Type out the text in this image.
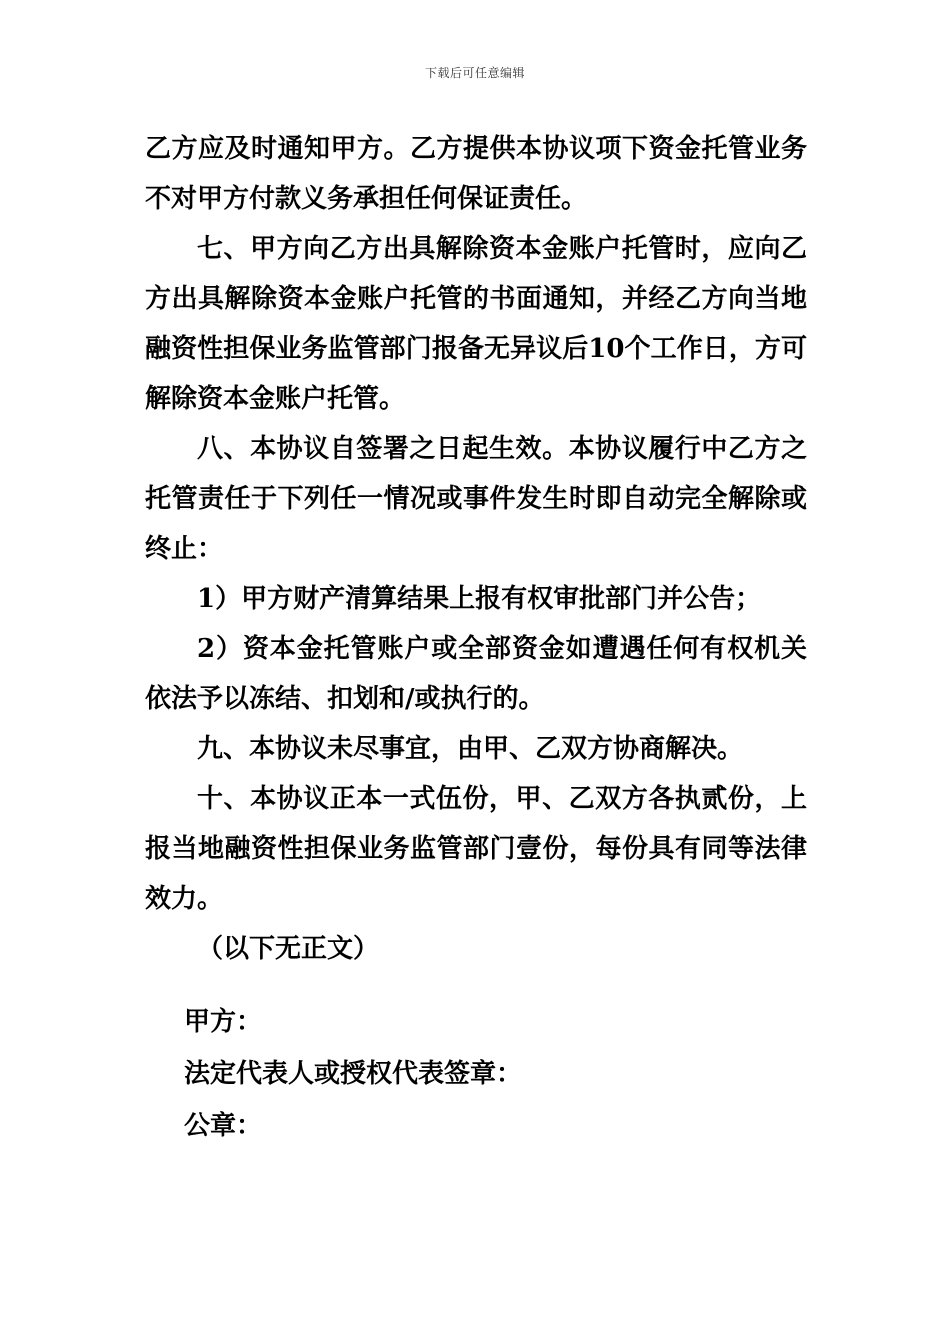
下载后可任意编辑

乙方应及时通知甲方。乙方提供本协议项下资金托管业务不对甲方付款义务承担任何保证责任。

七、甲方向乙方出具解除资本金账户托管时，应向乙方出具解除资本金账户托管的书面通知，并经乙方向当地融资性担保业务监管部门报备无异议后10个工作日，方可解除资本金账户托管。

八、本协议自签署之日起生效。本协议履行中乙方之托管责任于下列任一情况或事件发生时即自动完全解除或终止：

1）甲方财产清算结果上报有权审批部门并公告；

2）资本金托管账户或全部资金如遭遇任何有权机关依法予以冻结、扣划和/或执行的。

九、本协议未尽事宜，由甲、乙双方协商解决。

十、本协议正本一式伍份，甲、乙双方各执贰份，上报当地融资性担保业务监管部门壹份，每份具有同等法律效力。

（以下无正文）

甲方：

法定代表人或授权代表签章：

公章：
